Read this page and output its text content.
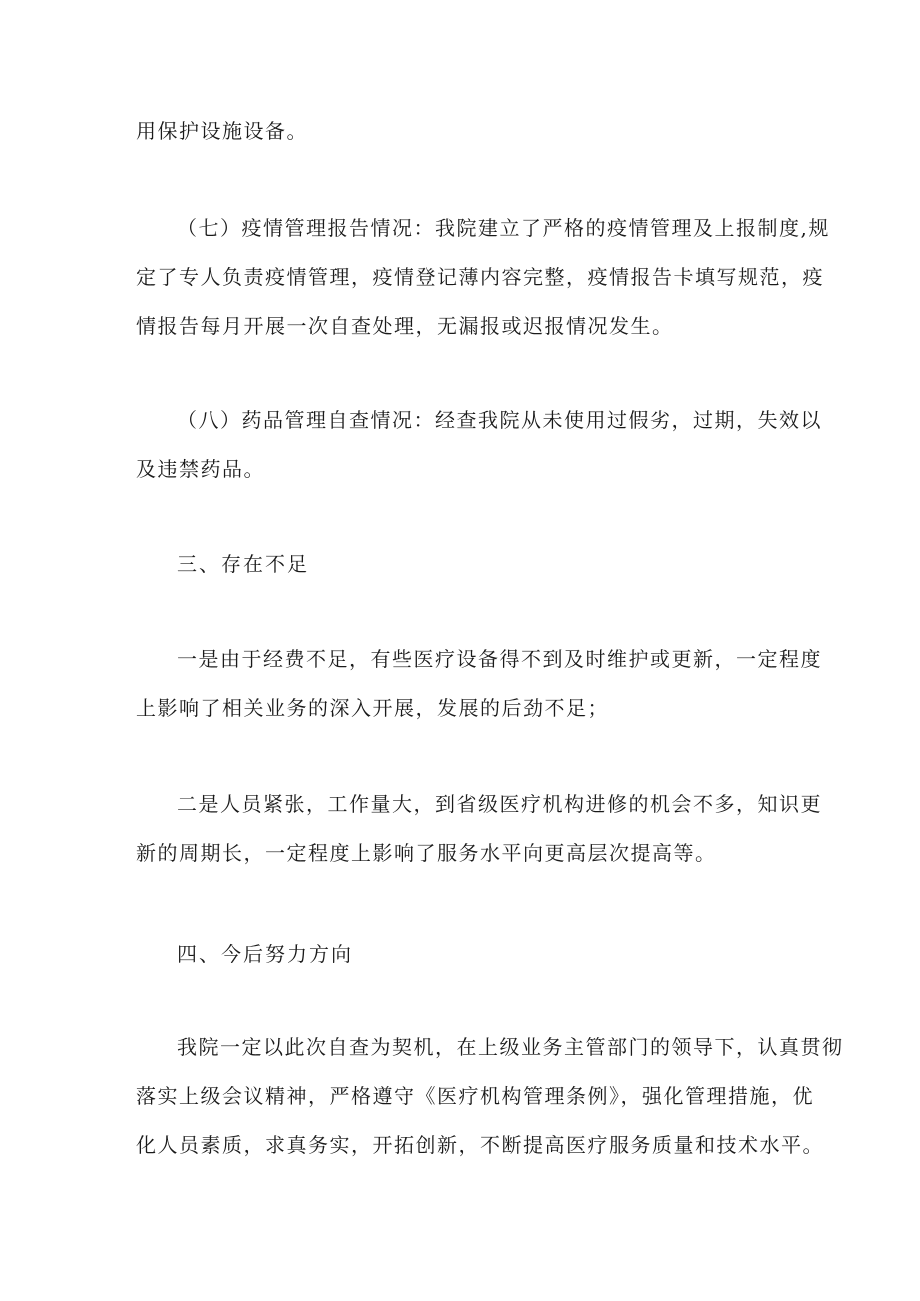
用保护设施设备。
（七）疫情管理报告情况：我院建立了严格的疫情管理及上报制度,规
定了专人负责疫情管理，疫情登记薄内容完整，疫情报告卡填写规范，疫
情报告每月开展一次自查处理，无漏报或迟报情况发生。
（八）药品管理自查情况：经查我院从未使用过假劣，过期，失效以
及违禁药品。
三、存在不足
一是由于经费不足，有些医疗设备得不到及时维护或更新，一定程度
上影响了相关业务的深入开展，发展的后劲不足；
二是人员紧张，工作量大，到省级医疗机构进修的机会不多，知识更
新的周期长，一定程度上影响了服务水平向更高层次提高等。
四、今后努力方向
我院一定以此次自查为契机，在上级业务主管部门的领导下，认真贯彻
落实上级会议精神，严格遵守《医疗机构管理条例》，强化管理措施，优
化人员素质，求真务实，开拓创新，不断提高医疗服务质量和技术水平。
